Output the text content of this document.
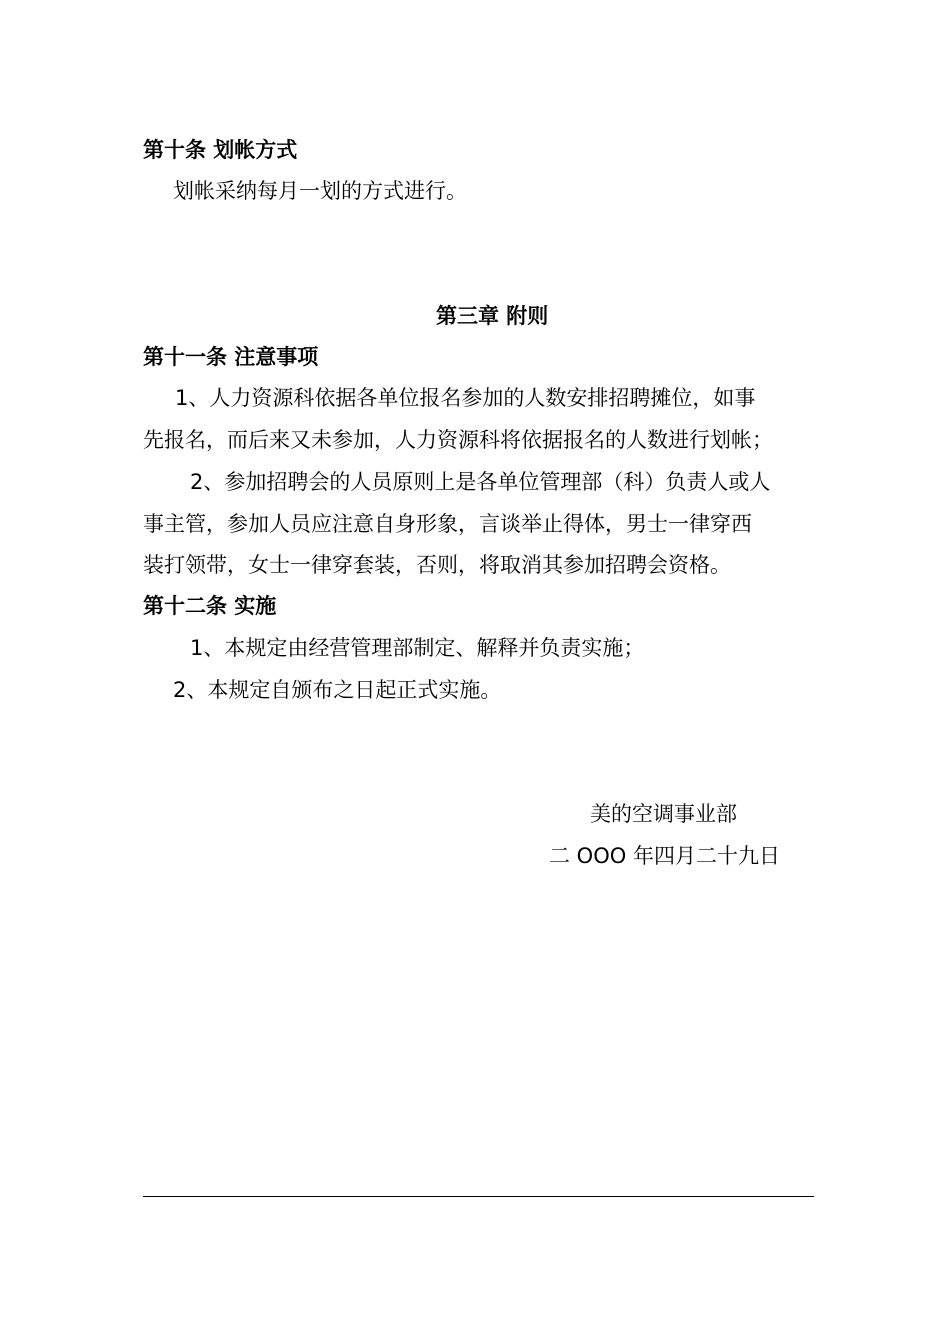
第十条 划帐方式
划帐采纳每月一划的方式进行。
第三章 附则
第十一条 注意事项
1、人力资源科依据各单位报名参加的人数安排招聘摊位，如事
先报名，而后来又未参加，人力资源科将依据报名的人数进行划帐；
2、参加招聘会的人员原则上是各单位管理部（科）负责人或人
事主管，参加人员应注意自身形象，言谈举止得体，男士一律穿西
装打领带，女士一律穿套装，否则，将取消其参加招聘会资格。
第十二条 实施
1、本规定由经营管理部制定、解释并负责实施；
2、本规定自颁布之日起正式实施。
美的空调事业部
二 OOO 年四月二十九日
